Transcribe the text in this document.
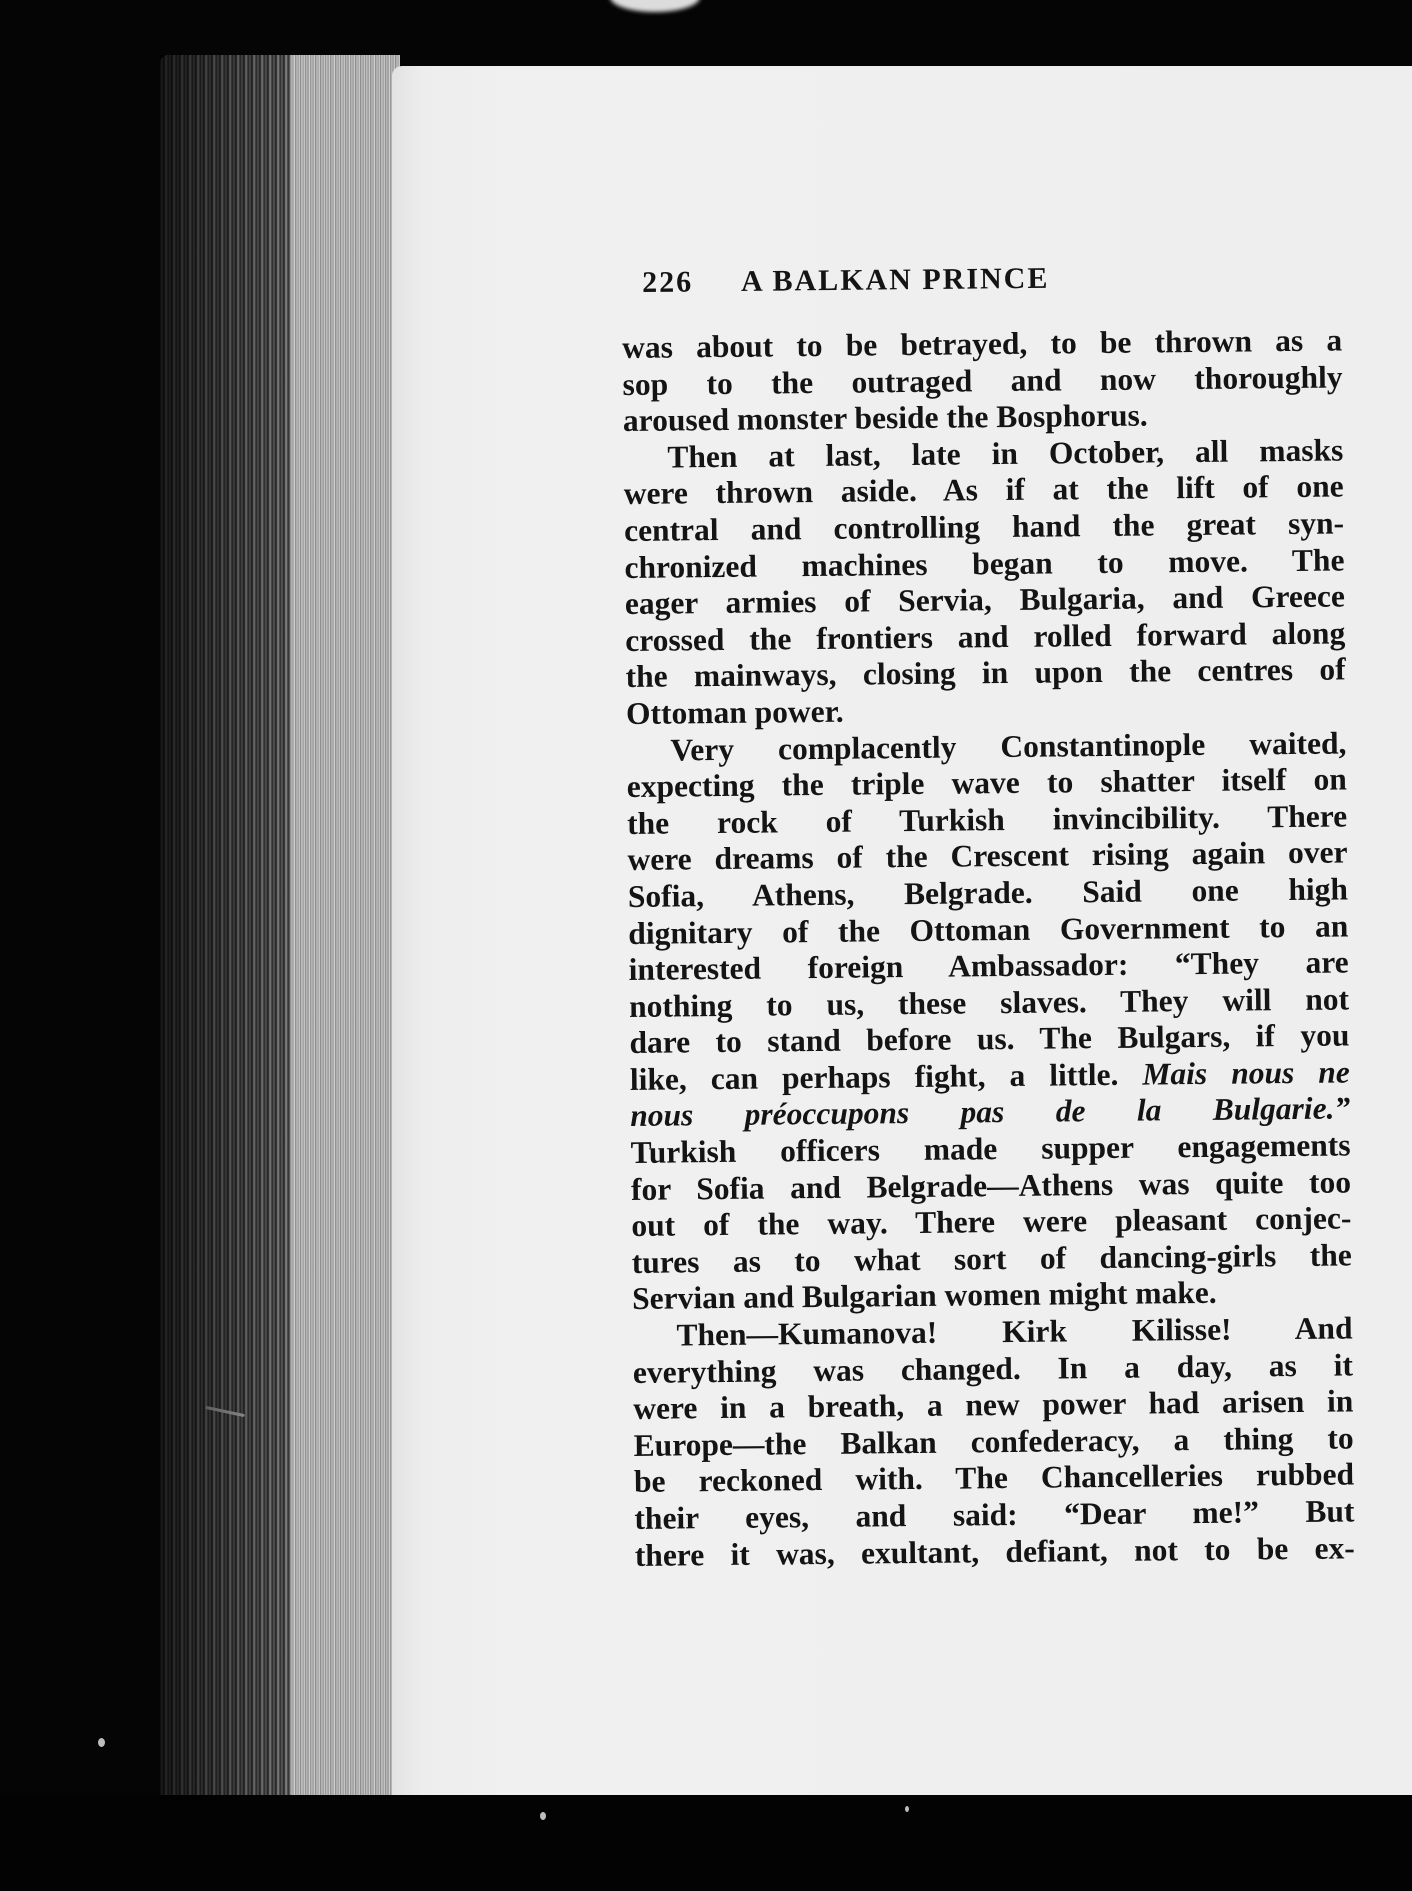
226 A BALKAN PRINCE
was about to be betrayed, to be thrown as a
sop to the outraged and now thoroughly
aroused monster beside the Bosphorus.
Then at last, late in October, all masks
were thrown aside. As if at the lift of one
central and controlling hand the great syn-
chronized machines began to move. The
eager armies of Servia, Bulgaria, and Greece
crossed the frontiers and rolled forward along
the mainways, closing in upon the centres of
Ottoman power.
Very complacently Constantinople waited,
expecting the triple wave to shatter itself on
the rock of Turkish invincibility. There
were dreams of the Crescent rising again over
Sofia, Athens, Belgrade. Said one high
dignitary of the Ottoman Government to an
interested foreign Ambassador: “They are
nothing to us, these slaves. They will not
dare to stand before us. The Bulgars, if you
like, can perhaps fight, a little. Mais nous ne
nous préoccupons pas de la Bulgarie.”
Turkish officers made supper engagements
for Sofia and Belgrade—Athens was quite too
out of the way. There were pleasant conjec-
tures as to what sort of dancing-girls the
Servian and Bulgarian women might make.
Then—Kumanova! Kirk Kilisse! And
everything was changed. In a day, as it
were in a breath, a new power had arisen in
Europe—the Balkan confederacy, a thing to
be reckoned with. The Chancelleries rubbed
their eyes, and said: “Dear me!” But
there it was, exultant, defiant, not to be ex-
